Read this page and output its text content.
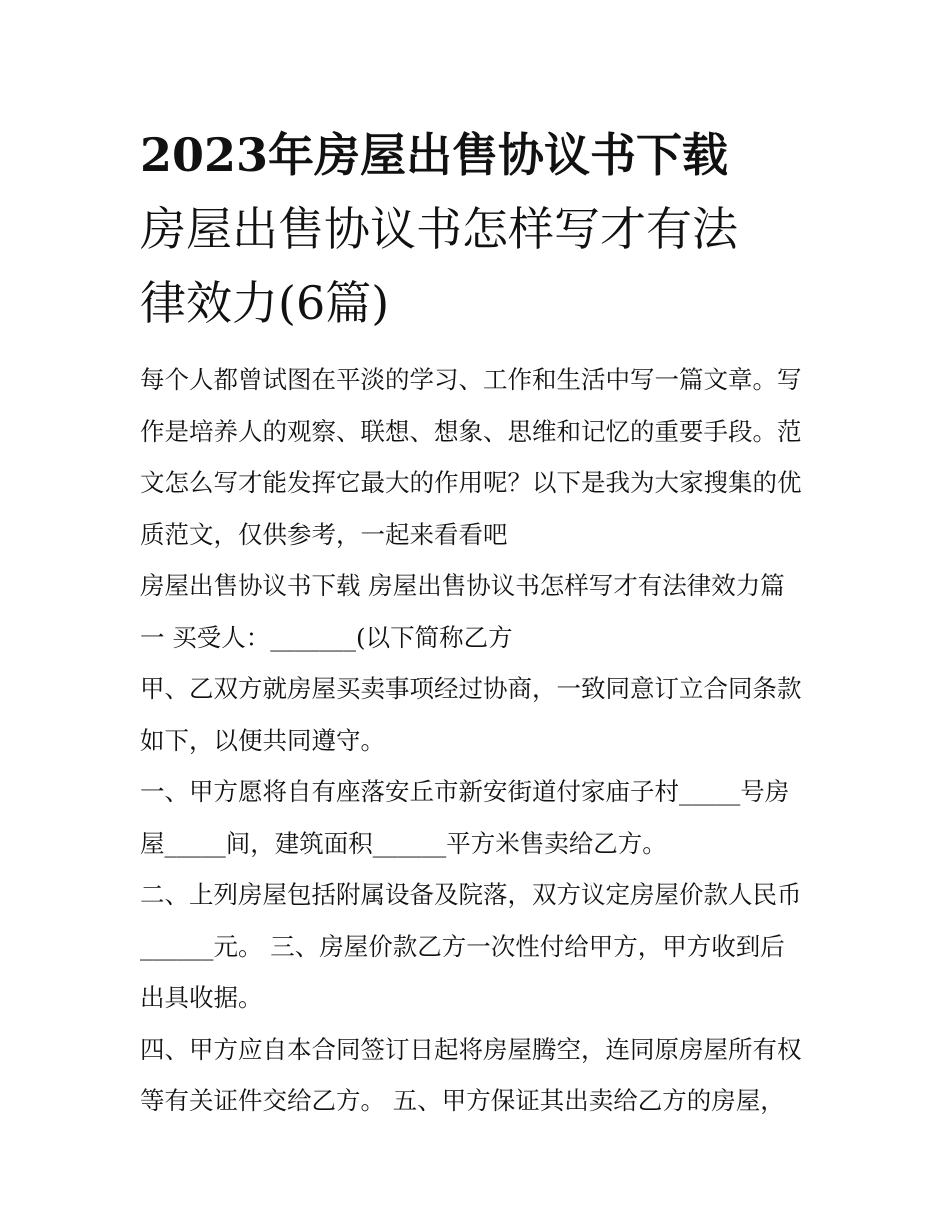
2023年房屋出售协议书下载
房屋出售协议书怎样写才有法
律效力(6篇)

每个人都曾试图在平淡的学习、工作和生活中写一篇文章。写
作是培养人的观察、联想、想象、思维和记忆的重要手段。范
文怎么写才能发挥它最大的作用呢？以下是我为大家搜集的优
质范文，仅供参考，一起来看看吧

房屋出售协议书下载 房屋出售协议书怎样写才有法律效力篇
一 买受人：_______(以下简称乙方

甲、乙双方就房屋买卖事项经过协商，一致同意订立合同条款
如下，以便共同遵守。

一、甲方愿将自有座落安丘市新安街道付家庙子村_____号房
屋_____间，建筑面积______平方米售卖给乙方。

二、上列房屋包括附属设备及院落，双方议定房屋价款人民币
______元。 三、房屋价款乙方一次性付给甲方，甲方收到后
出具收据。

四、甲方应自本合同签订日起将房屋腾空，连同原房屋所有权
等有关证件交给乙方。 五、甲方保证其出卖给乙方的房屋，
